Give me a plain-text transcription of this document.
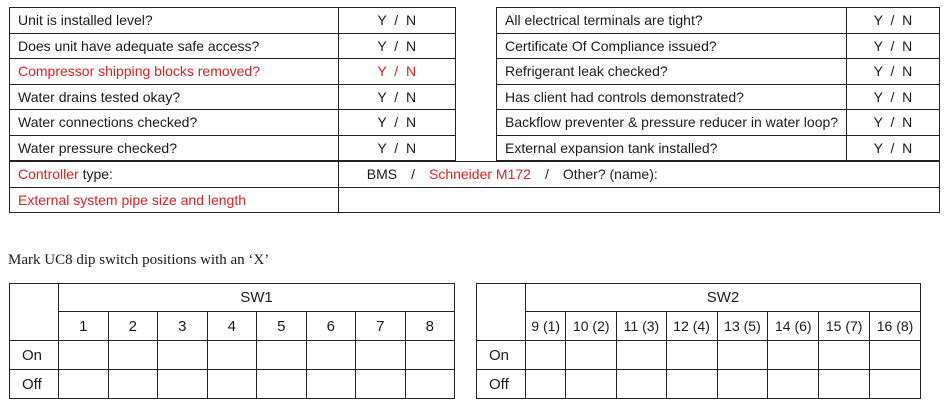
Unit is installed level?	Y  /  N
Does unit have adequate safe access?	Y  /  N
Compressor shipping blocks removed?	Y  /  N
Water drains tested okay?	Y  /  N
Water connections checked?	Y  /  N
Water pressure checked?	Y  /  N
All electrical terminals are tight?	Y  /  N
Certificate Of Compliance issued?	Y  /  N
Refrigerant leak checked?	Y  /  N
Has client had controls demonstrated?	Y  /  N
Backflow preventer & pressure reducer in water loop?	Y  /  N
External expansion tank installed?	Y  /  N
Controller type:	BMS / Schneider M172 / Other? (name):
External system pipe size and length	
Mark UC8 dip switch positions with an ‘X’
	SW1							
	1	2	3	4	5	6	7	8
On								
Off								
	SW2							
	9 (1)	10 (2)	11 (3)	12 (4)	13 (5)	14 (6)	15 (7)	16 (8)
On								
Off								
